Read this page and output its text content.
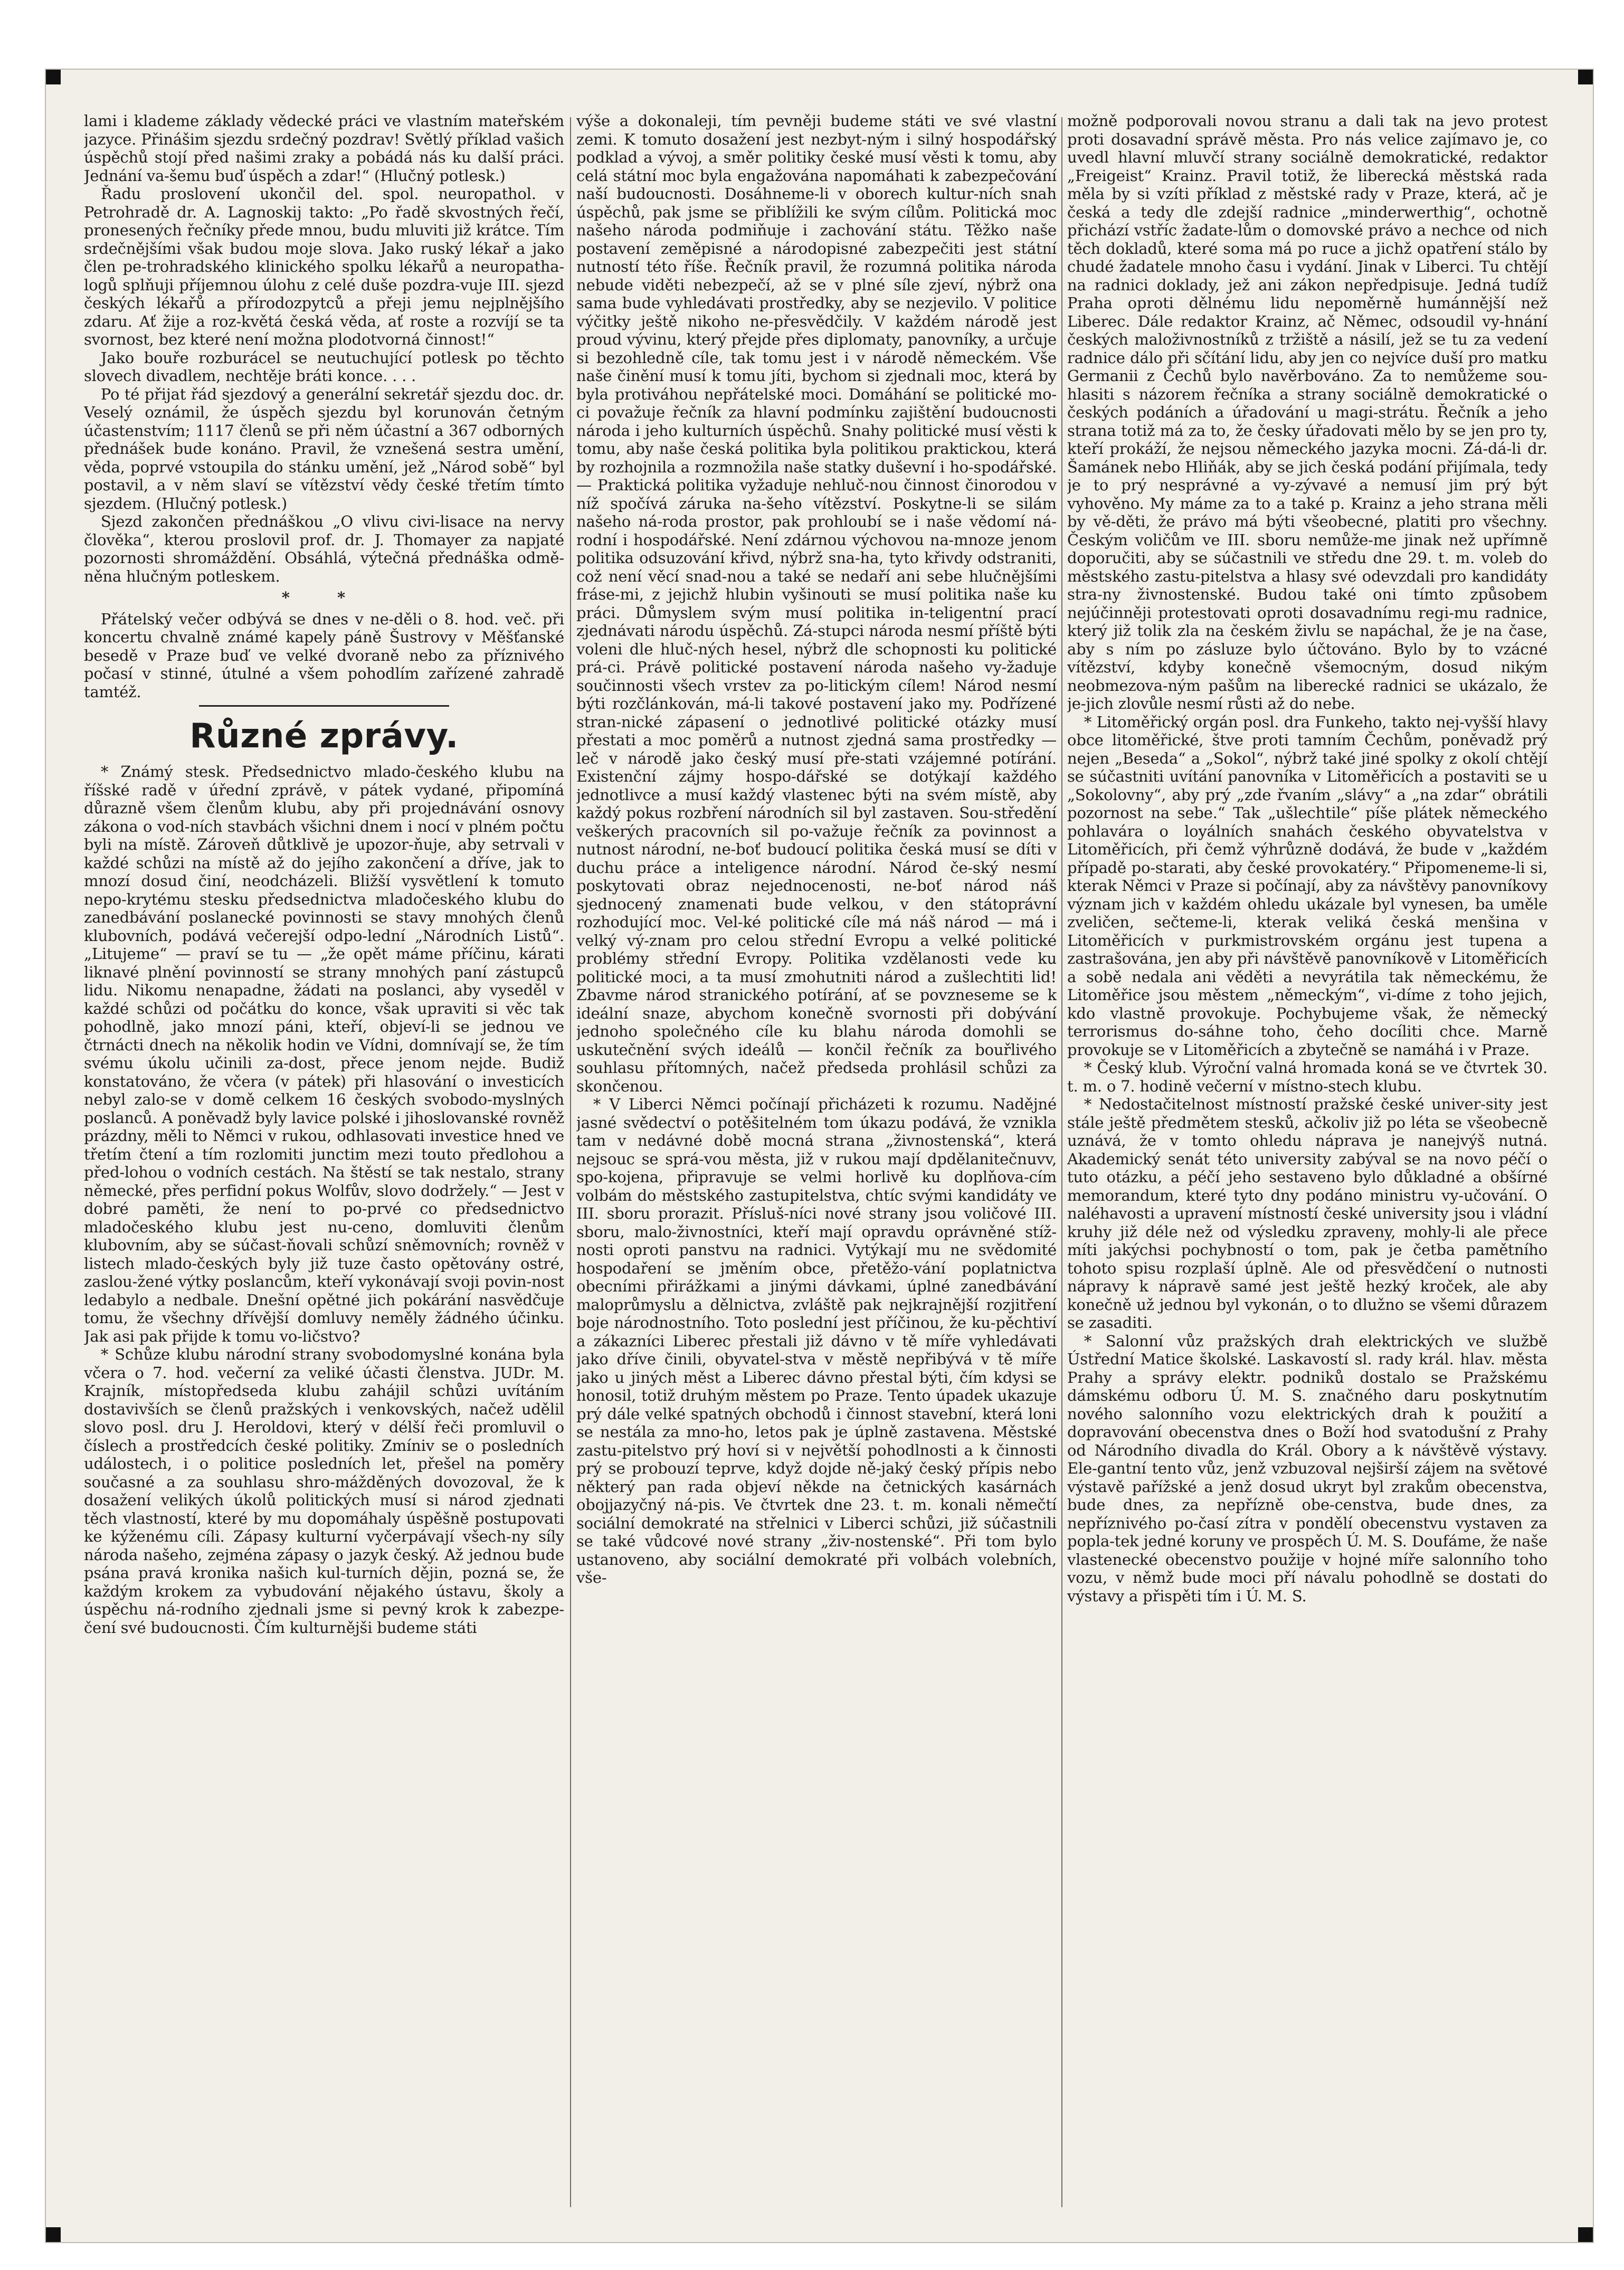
lami i klademe základy vědecké práci ve vlastním mateřském jazyce. Přinášim sjezdu srdečný pozdrav! Světlý příklad vašich úspěchů stojí před našimi zraky a pobádá nás ku další práci. Jednání va-šemu buď úspěch a zdar!“ (Hlučný potlesk.)

Řadu proslovení ukončil del. spol. neuropathol. v Petrohradě dr. A. Lagnoskij takto: „Po řadě skvostných řečí, pronesených řečníky přede mnou, budu mluviti již krátce. Tím srdečnějšími však budou moje slova. Jako ruský lékař a jako člen pe-trohradského klinického spolku lékařů a neuropatha-logů splňuji příjemnou úlohu z celé duše pozdra-vuje III. sjezd českých lékařů a přírodozpytců a přeji jemu nejplnějšího zdaru. Ať žije a roz-květá česká věda, ať roste a rozvíjí se ta svornost, bez které není možna plodotvorná činnost!“

Jako bouře rozburácel se neutuchující potlesk po těchto slovech divadlem, nechtěje bráti konce. . . .

Po té přijat řád sjezdový a generální sekretář sjezdu doc. dr. Veselý oznámil, že úspěch sjezdu byl korunován četným účastenstvím; 1117 členů se při něm účastní a 367 odborných přednášek bude konáno. Pravil, že vznešená sestra umění, věda, poprvé vstoupila do stánku umění, jež „Národ sobě“ byl postavil, a v něm slaví se vítězství vědy české třetím tímto sjezdem. (Hlučný potlesk.)

Sjezd zakončen přednáškou „O vlivu civi-lisace na nervy člověka“, kterou proslovil prof. dr. J. Thomayer za napjaté pozornosti shromáždění. Obsáhlá, výtečná přednáška odmě-něna hlučným potleskem.

* *

Přátelský večer odbývá se dnes v ne-děli o 8. hod. več. při koncertu chvalně známé kapely páně Šustrovy v Měšťanské besedě v Praze buď ve velké dvoraně nebo za příznivého počasí v stinné, útulné a všem pohodlím zařízené zahradě tamtéž.

Různé zprávy.

* Známý stesk. Předsednictvo mlado-českého klubu na říšské radě v úřední zprávě, v pátek vydané, připomíná důrazně všem členům klubu, aby při projednávání osnovy zákona o vod-ních stavbách všichni dnem i nocí v plném počtu byli na místě. Zároveň důtklivě je upozor-ňuje, aby setrvali v každé schůzi na místě až do jejího zakončení a dříve, jak to mnozí dosud činí, neodcházeli. Bližší vysvětlení k tomuto nepo-krytému stesku předsednictva mladočeského klubu do zanedbávání poslanecké povinnosti se stavy mnohých členů klubovních, podává večerejší odpo-lední „Národních Listů“. „Litujeme“ — praví se tu — „že opět máme příčinu, kárati liknavé plnění povinností se strany mnohých paní zástupců lidu. Nikomu nenapadne, žádati na poslanci, aby vyseděl v každé schůzi od počátku do konce, však upraviti si věc tak pohodlně, jako mnozí páni, kteří, objeví-li se jednou ve čtrnácti dnech na několik hodin ve Vídni, domnívají se, že tím svému úkolu učinili za-dost, přece jenom nejde. Budiž konstatováno, že včera (v pátek) při hlasování o investicích nebyl zalo-se v domě celkem 16 českých svobodo-myslných poslanců. A poněvadž byly lavice polské i jihoslovanské rovněž prázdny, měli to Němci v rukou, odhlasovati investice hned ve třetím čtení a tím rozlomiti junctim mezi touto předlohou a před-lohou o vodních cestách. Na štěstí se tak nestalo, strany německé, přes perfidní pokus Wolfův, slovo dodržely.“ — Jest v dobré paměti, že není to po-prvé co předsednictvo mladočeského klubu jest nu-ceno, domluviti členům klubovním, aby se súčast-ňovali schůzí sněmovních; rovněž v listech mlado-českých byly již tuze často opětovány ostré, zaslou-žené výtky poslancům, kteří vykonávají svoji povin-nost ledabylo a nedbale. Dnešní opětné jich pokárání nasvědčuje tomu, že všechny dřívější domluvy neměly žádného účinku. Jak asi pak přijde k tomu vo-ličstvo?

* Schůze klubu národní strany svobodomyslné konána byla včera o 7. hod. večerní za veliké účasti členstva. JUDr. M. Krajník, místopředseda klubu zahájil schůzi uvítáním dostavivších se členů pražských i venkovských, načež udělil slovo posl. dru J. Heroldovi, který v délší řeči promluvil o číslech a prostředcích české politiky. Zmíniv se o posledních událostech, i o politice posledních let, přešel na poměry současné a za souhlasu shro-mážděných dovozoval, že k dosažení velikých úkolů politických musí si národ zjednati těch vlastností, které by mu dopomáhaly úspěšně postupovati ke kýženému cíli. Zápasy kulturní vyčerpávají všech-ny síly národa našeho, zejména zápasy o jazyk český. Až jednou bude psána pravá kronika našich kul-turních dějin, pozná se, že každým krokem za vybudování nějakého ústavu, školy a úspěchu ná-rodního zjednali jsme si pevný krok k zabezpe-čení své budoucnosti. Čím kulturnějši budeme státi

výše a dokonaleji, tím pevněji budeme státi ve své vlastní zemi. K tomuto dosažení jest nezbyt-ným i silný hospodářský podklad a vývoj, a směr politiky české musí věsti k tomu, aby celá státní moc byla engažována napomáhati k zabezpečování naší budoucnosti. Dosáhneme-li v oborech kultur-ních snah úspěchů, pak jsme se přiblížili ke svým cílům. Politická moc našeho národa podmiňuje i zachování státu. Těžko naše postavení zeměpisné a národopisné zabezpečiti jest státní nutností této říše. Řečník pravil, že rozumná politika národa nebude viděti nebezpečí, až se v plné síle zjeví, nýbrž ona sama bude vyhledávati prostředky, aby se nezjevilo. V politice výčitky ještě nikoho ne-přesvědčily. V každém národě jest proud vývinu, který přejde přes diplomaty, panovníky, a určuje si bezohledně cíle, tak tomu jest i v národě německém. Vše naše činění musí k tomu jíti, bychom si zjednali moc, která by byla protiváhou nepřátelské moci. Domáhání se politické mo-ci považuje řečník za hlavní podmínku zajištění budoucnosti národa i jeho kulturních úspěchů. Snahy politické musí věsti k tomu, aby naše česká politika byla politikou praktickou, která by rozhojnila a rozmnožila naše statky duševní i ho-spodářské. — Praktická politika vyžaduje nehluč-nou činnost činorodou v níž spočívá záruka na-šeho vítězství. Poskytne-li se silám našeho ná-roda prostor, pak prohloubí se i naše vědomí ná-rodní i hospodářské. Není zdárnou výchovou na-mnoze jenom politika odsuzování křivd, nýbrž sna-ha, tyto křivdy odstraniti, což není věcí snad-nou a také se nedaří ani sebe hlučnějšími fráse-mi, z jejichž hlubin vyšinouti se musí politika naše ku práci. Důmyslem svým musí politika in-teligentní prací zjednávati národu úspěchů. Zá-stupci národa nesmí příště býti voleni dle hluč-ných hesel, nýbrž dle schopnosti ku politické prá-ci. Právě politické postavení národa našeho vy-žaduje součinnosti všech vrstev za po-litickým cílem! Národ nesmí býti rozčlánkován, má-li takové postavení jako my. Podřízené stran-nické zápasení o jednotlivé politické otázky musí přestati a moc poměrů a nutnost zjedná sama prostředky — leč v národě jako český musí pře-stati vzájemné potírání. Existenční zájmy hospo-dářské se dotýkají každého jednotlivce a musí každý vlastenec býti na svém místě, aby každý pokus rozbření národních sil byl zastaven. Sou-středění veškerých pracovních sil po-važuje řečník za povinnost a nutnost národní, ne-boť budoucí politika česká musí se díti v duchu práce a inteligence národní. Národ če-ský nesmí poskytovati obraz nejednocenosti, ne-boť národ náš sjednocený znamenati bude velkou, v den státoprávní rozhodující moc. Vel-ké politické cíle má náš národ — má i velký vý-znam pro celou střední Evropu a velké politické problémy střední Evropy. Politika vzdělanosti vede ku politické moci, a ta musí zmohutniti národ a zušlechtiti lid! Zbavme národ stranického potírání, ať se povzneseme se k ideální snaze, abychom konečně svornosti při dobývání jednoho společného cíle ku blahu národa domohli se uskutečnění svých ideálů — končil řečník za bouřlivého souhlasu přítomných, načež předseda prohlásil schůzi za skončenou.

* V Liberci Němci počínají přicházeti k rozumu. Nadějné jasné svědectví o potěšitelném tom úkazu podává, že vznikla tam v nedávné době mocná strana „živnostenská“, která nejsouc se sprá-vou města, již v rukou mají dpdělanitečnuvv, spo-kojena, připravuje se velmi horlivě ku doplňova-cím volbám do městského zastupitelstva, chtíc svými kandidáty ve III. sboru prorazit. Přísluš-níci nové strany jsou voličové III. sboru, malo-živnostníci, kteří mají opravdu oprávněné stíž-nosti oproti panstvu na radnici. Vytýkají mu ne svědomité hospodaření se jměním obce, přetěžo-vání poplatnictva obecními přirážkami a jinými dávkami, úplné zanedbávání maloprůmyslu a dělnictva, zvláště pak nejkrajnější rozjitření boje národnostního. Toto poslední jest příčinou, že ku-pěchtiví a zákazníci Liberec přestali již dávno v tě míře vyhledávati jako dříve činili, obyvatel-stva v městě nepřibývá v tě míře jako u jiných měst a Liberec dávno přestal býti, čím kdysi se honosil, totiž druhým městem po Praze. Tento úpadek ukazuje prý dále velké spatných obchodů i činnost stavební, která loni se nestála za mno-ho, letos pak je úplně zastavena. Městské zastu-pitelstvo prý hoví si v největší pohodlnosti a k činnosti prý se probouzí teprve, když dojde ně-jaký český přípis nebo některý pan rada objeví někde na četnických kasárnách obojjazyčný ná-pis. Ve čtvrtek dne 23. t. m. konali němečtí sociální demokraté na střelnici v Liberci schůzi, již súčastnili se také vůdcové nové strany „živ-nostenské“. Při tom bylo ustanoveno, aby sociální demokraté při volbách volebních, vše-

možně podporovali novou stranu a dali tak na jevo protest proti dosavadní správě města. Pro nás velice zajímavo je, co uvedl hlavní mluvčí strany sociálně demokratické, redaktor „Freigeist“ Krainz. Pravil totiž, že liberecká městská rada měla by si vzíti příklad z městské rady v Praze, která, ač je česká a tedy dle zdejší radnice „minderwerthig“, ochotně přichází vstříc žadate-lům o domovské právo a nechce od nich těch dokladů, které soma má po ruce a jichž opatření stálo by chudé žadatele mnoho času i vydání. Jinak v Liberci. Tu chtějí na radnici doklady, jež ani zákon nepředpisuje. Jedná tudíž Praha oproti dělnému lidu nepoměrně humánnější než Liberec. Dále redaktor Krainz, ač Němec, odsoudil vy-hnání českých maloživnostníků z tržiště a násilí, jež se tu za vedení radnice dálo při sčítání lidu, aby jen co nejvíce duší pro matku Germanii z Čechů bylo navěrbováno. Za to nemůžeme sou-hlasiti s názorem řečníka a strany sociálně demokratické o českých podáních a úřadování u magi-strátu. Řečník a jeho strana totiž má za to, že česky úřadovati mělo by se jen pro ty, kteří prokáží, že nejsou německého jazyka mocni. Zá-dá-li dr. Šamánek nebo Hliňák, aby se jich česká podání přijímala, tedy je to prý nesprávné a vy-zývavé a nemusí jim prý být vyhověno. My máme za to a také p. Krainz a jeho strana měli by vě-děti, že právo má býti všeobecné, platiti pro všechny. Českým voličům ve III. sboru nemůže-me jinak než upřímně doporučiti, aby se súčastnili ve středu dne 29. t. m. voleb do městského zastu-pitelstva a hlasy své odevzdali pro kandidáty stra-ny živnostenské. Budou také oni tímto způsobem nejúčinněji protestovati oproti dosavadnímu regi-mu radnice, který již tolik zla na českém živlu se napáchal, že je na čase, aby s ním po zásluze bylo účtováno. Bylo by to vzácné vítězství, kdyby konečně všemocným, dosud nikým neobmezova-ným pašům na liberecké radnici se ukázalo, že je-jich zlovůle nesmí růsti až do nebe.

* Litoměřický orgán posl. dra Funkeho, takto nej-vyšší hlavy obce litoměřické, štve proti tamním Čechům, poněvadž prý nejen „Beseda“ a „Sokol“, nýbrž také jiné spolky z okolí chtějí se súčastniti uvítání panovníka v Litoměřicích a postaviti se u „Sokolovny“, aby prý „zde řvaním „slávy“ a „na zdar“ obrátili pozornost na sebe.“ Tak „ušlechtile“ píše plátek německého pohlavára o loyálních snahách českého obyvatelstva v Litoměřicích, při čemž výhrůzně dodává, že bude v „každém případě po-starati, aby české provokatéry.“ Připomeneme-li si, kterak Němci v Praze si počínají, aby za návštěvy panovníkovy význam jich v každém ohledu ukázale byl vynesen, ba uměle zveličen, sečteme-li, kterak veliká česká menšina v Litoměřicích v purkmistrovském orgánu jest tupena a zastrašována, jen aby při návštěvě panovníkově v Litoměřicích a sobě nedala ani věděti a nevyrátila tak německému, že Litoměřice jsou městem „německým“, vi-díme z toho jejich, kdo vlastně provokuje. Pochybujeme však, že německý terrorismus do-sáhne toho, čeho docíliti chce. Marně provokuje se v Litoměřicích a zbytečně se namáhá i v Praze.

* Český klub. Výroční valná hromada koná se ve čtvrtek 30. t. m. o 7. hodině večerní v místno-stech klubu.

* Nedostačitelnost místností pražské české univer-sity jest stále ještě předmětem stesků, ačkoliv již po léta se všeobecně uznává, že v tomto ohledu náprava je nanejvýš nutná. Akademický senát této university zabýval se na novo péčí o tuto otázku, a péčí jeho sestaveno bylo důkladné a obšírné memorandum, které tyto dny podáno ministru vy-učování. O naléhavosti a upravení místností české university jsou i vládní kruhy již déle než od výsledku zpraveny, mohly-li ale přece míti jakýchsi pochybností o tom, pak je četba pamětního tohoto spisu rozplaší úplně. Ale od přesvědčení o nutnosti nápravy k nápravě samé jest ještě hezký kroček, ale aby konečně už jednou byl vykonán, o to dlužno se všemi důrazem se zasaditi.

* Salonní vůz pražských drah elektrických ve službě Ústřední Matice školské. Laskavostí sl. rady král. hlav. města Prahy a správy elektr. podniků dostalo se Pražskému dámskému odboru Ú. M. S. značného daru poskytnutím nového salonního vozu elektrických drah k použití a dopravování obecenstva dnes o Boží hod svatodušní z Prahy od Národního divadla do Král. Obory a k návštěvě výstavy. Ele-gantní tento vůz, jenž vzbuzoval nejširší zájem na světové výstavě pařížské a jenž dosud ukryt byl zrakům obecenstva, bude dnes, za nepřízně obe-censtva, bude dnes, za nepříznivého po-časí zítra v pondělí obecenstvu vystaven za popla-tek jedné koruny ve prospěch Ú. M. S. Doufáme, že naše vlastenecké obecenstvo použije v hojné míře salonního toho vozu, v němž bude moci pří návalu pohodlně se dostati do výstavy a přispěti tím i Ú. M. S.
